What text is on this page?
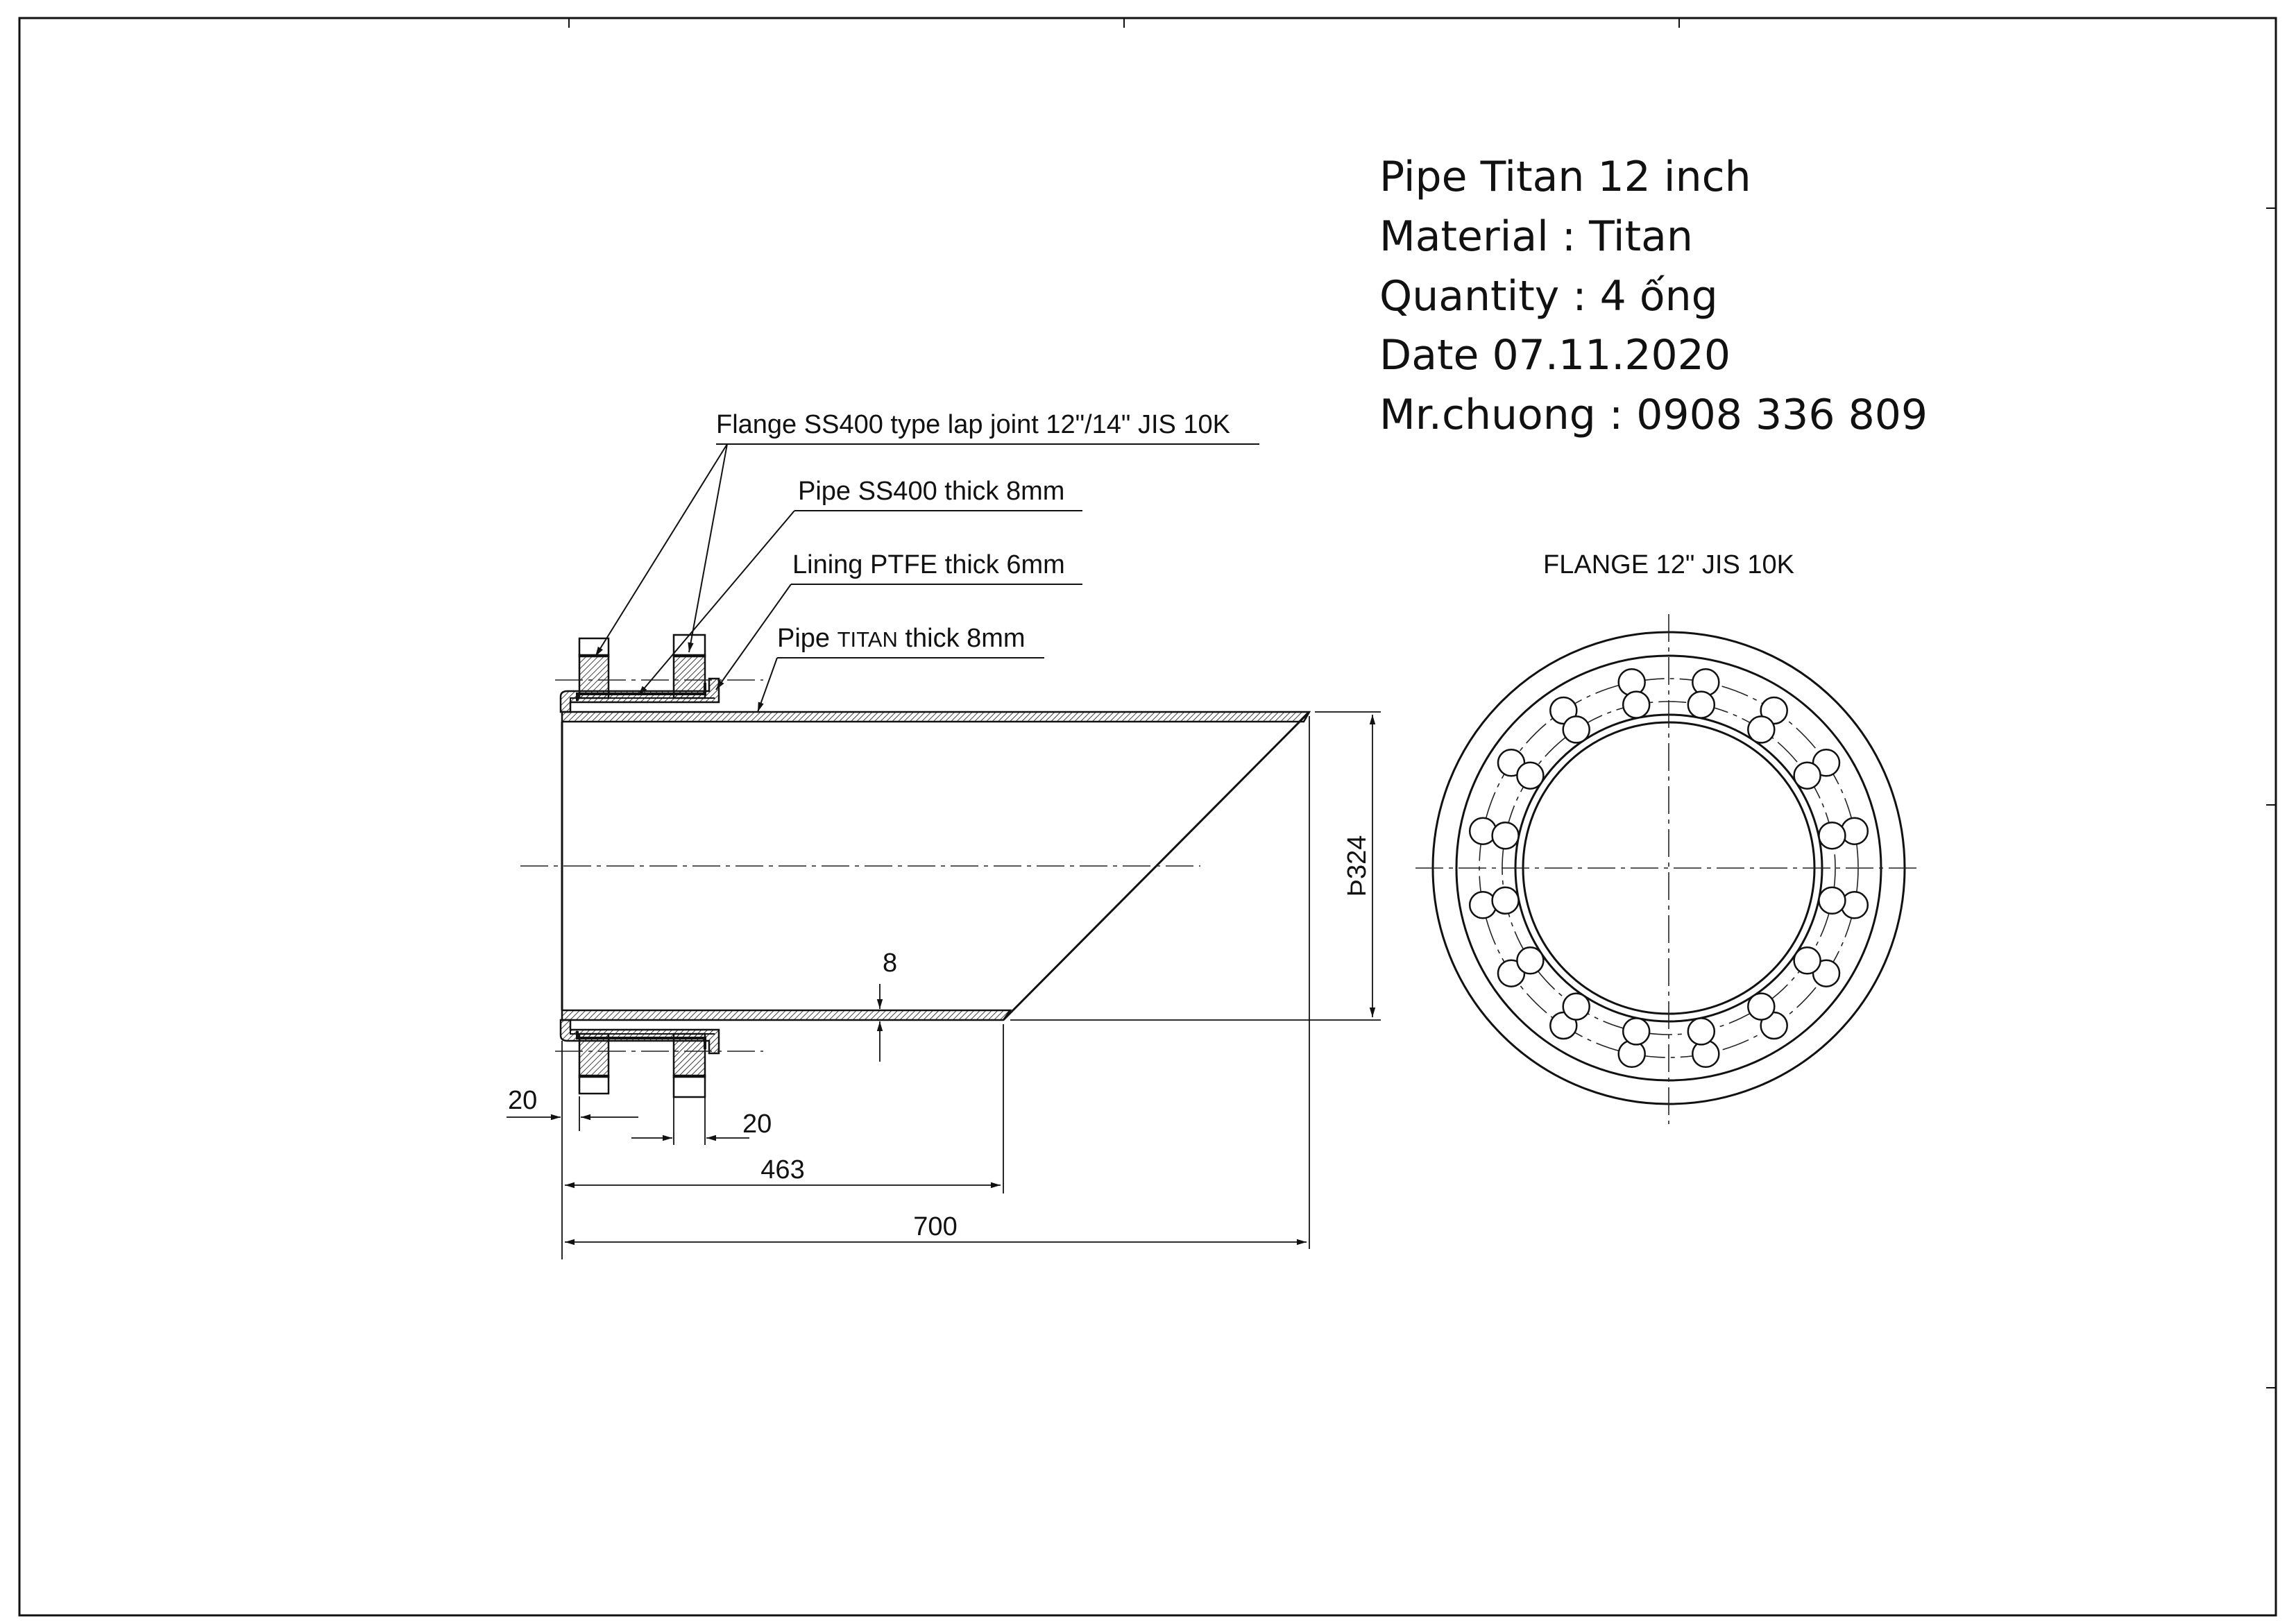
Pipe Titan 12 inch
Material : Titan
Quantity : 4 ống
Date 07.11.2020
Mr.chuong : 0908 336 809
Flange SS400 type lap joint 12"/14" JIS 10K
Pipe SS400 thick 8mm
Lining PTFE thick 6mm
Pipe TITAN thick 8mm
Þ324
8
20
20
463
700
FLANGE 12" JIS 10K
